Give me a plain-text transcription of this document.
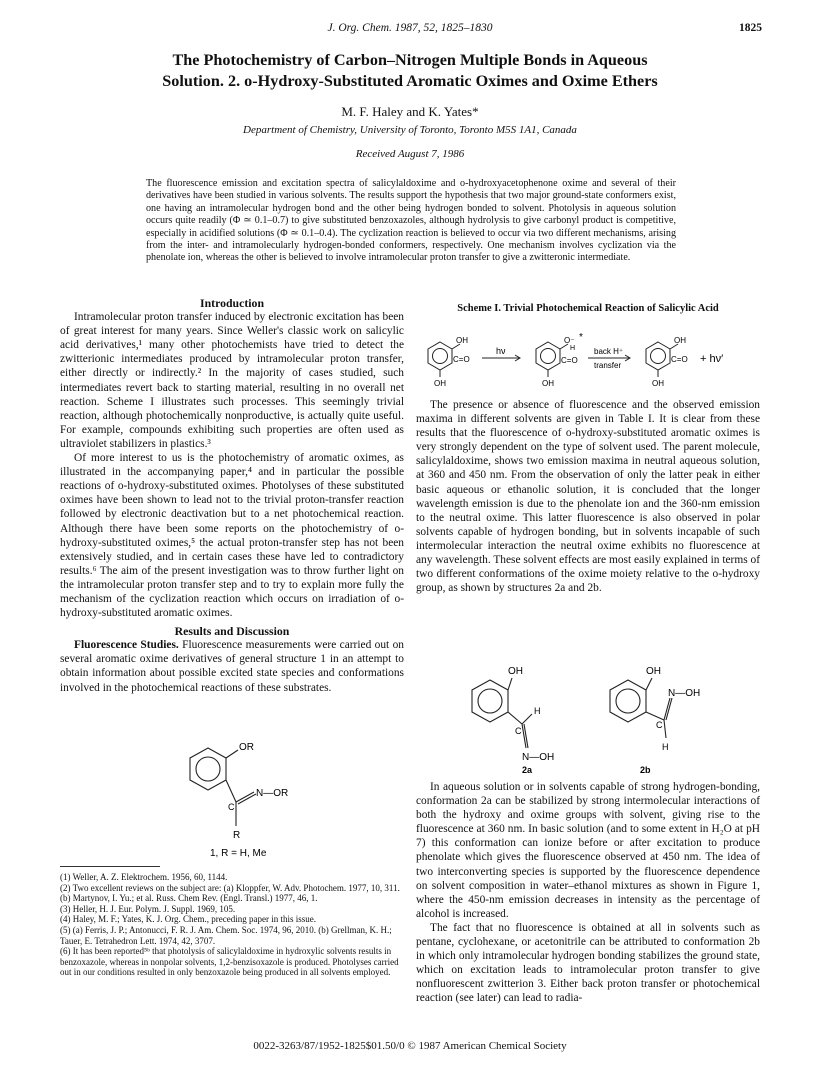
J. Org. Chem. 1987, 52, 1825–1830	1825
The Photochemistry of Carbon–Nitrogen Multiple Bonds in Aqueous
Solution. 2. o-Hydroxy-Substituted Aromatic Oximes and Oxime Ethers
M. F. Haley and K. Yates*
Department of Chemistry, University of Toronto, Toronto M5S 1A1, Canada
Received August 7, 1986
The fluorescence emission and excitation spectra of salicylaldoxime and o-hydroxyacetophenone oxime and several of their derivatives have been studied in various solvents. The results support the hypothesis that two major ground-state conformers exist, one having an intramolecular hydrogen bond and the other being hydrogen bonded to solvent. Photolysis in aqueous solution occurs quite readily (Φ ≃ 0.1–0.7) to give substituted benzoxazoles, although hydrolysis to give carbonyl product is competitive, especially in acidified solutions (Φ ≃ 0.1–0.4). The cyclization reaction is believed to occur via two different mechanisms, arising from the inter- and intramolecularly hydrogen-bonded conformers, respectively. One mechanism involves cyclization via the phenolate ion, whereas the other is believed to involve intramolecular proton transfer to give a zwitteronic intermediate.
Introduction

Intramolecular proton transfer induced by electronic excitation has been of great interest for many years. Since Weller's classic work on salicylic acid derivatives,¹ many other photochemists have tried to detect the zwitterionic intermediates produced by intramolecular proton transfer, either directly or indirectly.² In the majority of cases studied, such intermediates revert back to starting material, resulting in no overall net reaction. Scheme I illustrates such processes. This seemingly trivial reaction, although photochemically nonproductive, is actually quite useful. For example, compounds exhibiting such properties are often used as ultraviolet stabilizers in plastics.³

Of more interest to us is the photochemistry of aromatic oximes, as illustrated in the accompanying paper,⁴ and in particular the possible reactions of o-hydroxy-substituted oximes. Photolyses of these substituted oximes have been shown to lead not to the trivial proton-transfer reaction followed by electronic deactivation but to a net photochemical reaction. Although there have been some reports on the photochemistry of o-hydroxy-substituted oximes,⁵ the actual proton-transfer step has not been extensively studied, and in certain cases these have led to contradictory results.⁶ The aim of the present investigation was to throw further light on the intramolecular proton transfer step and to try to explain more fully the mechanism of the cyclization reaction which occurs on irradiation of o-hydroxy-substituted aromatic oximes.

Results and Discussion

Fluorescence Studies. Fluorescence measurements were carried out on several aromatic oxime derivatives of general structure 1 in an attempt to obtain information about possible excited state species and conformations involved in the photochemical reactions of these substrates.

OR
N—OR
C
R
1, R = H, Me
(1) Weller, A. Z. Elektrochem. 1956, 60, 1144.
(2) Two excellent reviews on the subject are: (a) Kloppfer, W. Adv. Photochem. 1977, 10, 311. (b) Martynov, I. Yu.; et al. Russ. Chem Rev. (Engl. Transl.) 1977, 46, 1.
(3) Heller, H. J. Eur. Polym. J. Suppl. 1969, 105.
(4) Haley, M. F.; Yates, K. J. Org. Chem., preceding paper in this issue.
(5) (a) Ferris, J. P.; Antonucci, F. R. J. Am. Chem. Soc. 1974, 96, 2010. (b) Grellman, K. H.; Tauer, E. Tetrahedron Lett. 1974, 42, 3707.
(6) It has been reported⁵ᵇ that photolysis of salicylaldoxime in hydroxylic solvents results in benzoxazole, whereas in nonpolar solvents, 1,2-benzisoxazole is produced. Photolyses carried out in our conditions resulted in only benzoxazole being produced in all solvents employed.
Scheme I. Trivial Photochemical Reaction of Salicylic Acid
OH
C=O
OH
hν
O⁻ *
H
C=O
OH
back H⁺
transfer
OH
C=O
OH
+ hν′

The presence or absence of fluorescence and the observed emission maxima in different solvents are given in Table I. It is clear from these results that the fluorescence of o-hydroxy-substituted aromatic oximes is very strongly dependent on the type of solvent used. The parent molecule, salicylaldoxime, shows two emission maxima in neutral aqueous solution, at 360 and 450 nm. From the observation of only the latter peak in either basic aqueous or ethanolic solution, it is concluded that the longer wavelength emission is due to the phenolate ion and the 360-nm emission to the neutral oxime. This latter fluorescence is also observed in polar solvents capable of hydrogen bonding, but in solvents incapable of such intermolecular interaction the neutral oxime exhibits no fluorescence at any wavelength. These solvent effects are most easily explained in terms of two different conformations of the oxime moiety relative to the o-hydroxy group, as shown by structures 2a and 2b.

OH
H
C
N—OH
2a
OH
N—OH
C
H
2b

In aqueous solution or in solvents capable of strong hydrogen-bonding, conformation 2a can be stabilized by strong intermolecular interactions of both the hydroxy and oxime groups with solvent, giving rise to the fluorescence at 360 nm. In basic solution (and to some extent in H₂O at pH 7) this conformation can ionize before or after excitation to produce phenolate which gives the fluorescence observed at 450 nm. The idea of two interconverting species is supported by the fluorescence dependence on solvent composition in water–ethanol mixtures as shown in Figure 1, where the 450-nm emission decreases in intensity as the percentage of alcohol is increased.

The fact that no fluorescence is obtained at all in solvents such as pentane, cyclohexane, or acetonitrile can be attributed to conformation 2b in which only intramolecular hydrogen bonding stabilizes the ground state, which on excitation leads to intramolecular proton transfer to give nonfluorescent zwitterion 3. Either back proton transfer or photochemical reaction (see later) can lead to radia-

0022-3263/87/1952-1825$01.50/0 © 1987 American Chemical Society
